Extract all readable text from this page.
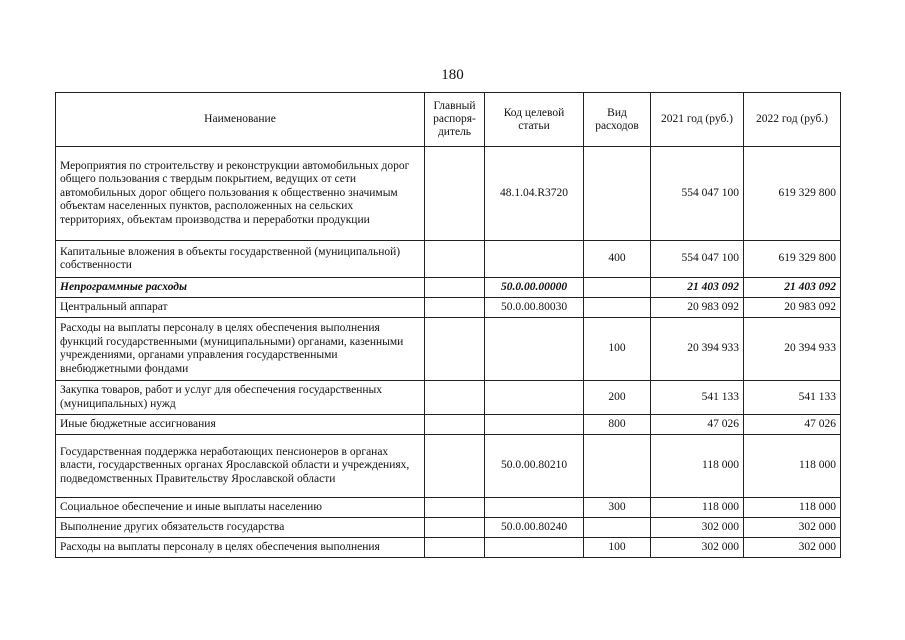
180
Наименование	Главный распоря-дитель	Код целевой статьи	Вид расходов	2021 год (руб.)	2022 год (руб.)
Мероприятия по строительству и реконструкции автомобильных дорог общего пользования с твердым покрытием, ведущих от сети автомобильных дорог общего пользования к общественно значимым объектам населенных пунктов, расположенных на сельских территориях, объектам производства и переработки продукции		48.1.04.R3720		554 047 100	619 329 800
Капитальные вложения в объекты государственной (муниципальной) собственности			400	554 047 100	619 329 800
Непрограммные расходы		50.0.00.00000		21 403 092	21 403 092
Центральный аппарат		50.0.00.80030		20 983 092	20 983 092
Расходы на выплаты персоналу в целях обеспечения выполнения функций государственными (муниципальными) органами, казенными учреждениями, органами управления государственными внебюджетными фондами			100	20 394 933	20 394 933
Закупка товаров, работ и услуг для обеспечения государственных (муниципальных) нужд			200	541 133	541 133
Иные бюджетные ассигнования			800	47 026	47 026
Государственная поддержка неработающих пенсионеров в органах власти, государственных органах Ярославской области и учреждениях, подведомственных Правительству Ярославской области		50.0.00.80210		118 000	118 000
Социальное обеспечение и иные выплаты населению			300	118 000	118 000
Выполнение других обязательств государства		50.0.00.80240		302 000	302 000
Расходы на выплаты персоналу в целях обеспечения выполнения			100	302 000	302 000
